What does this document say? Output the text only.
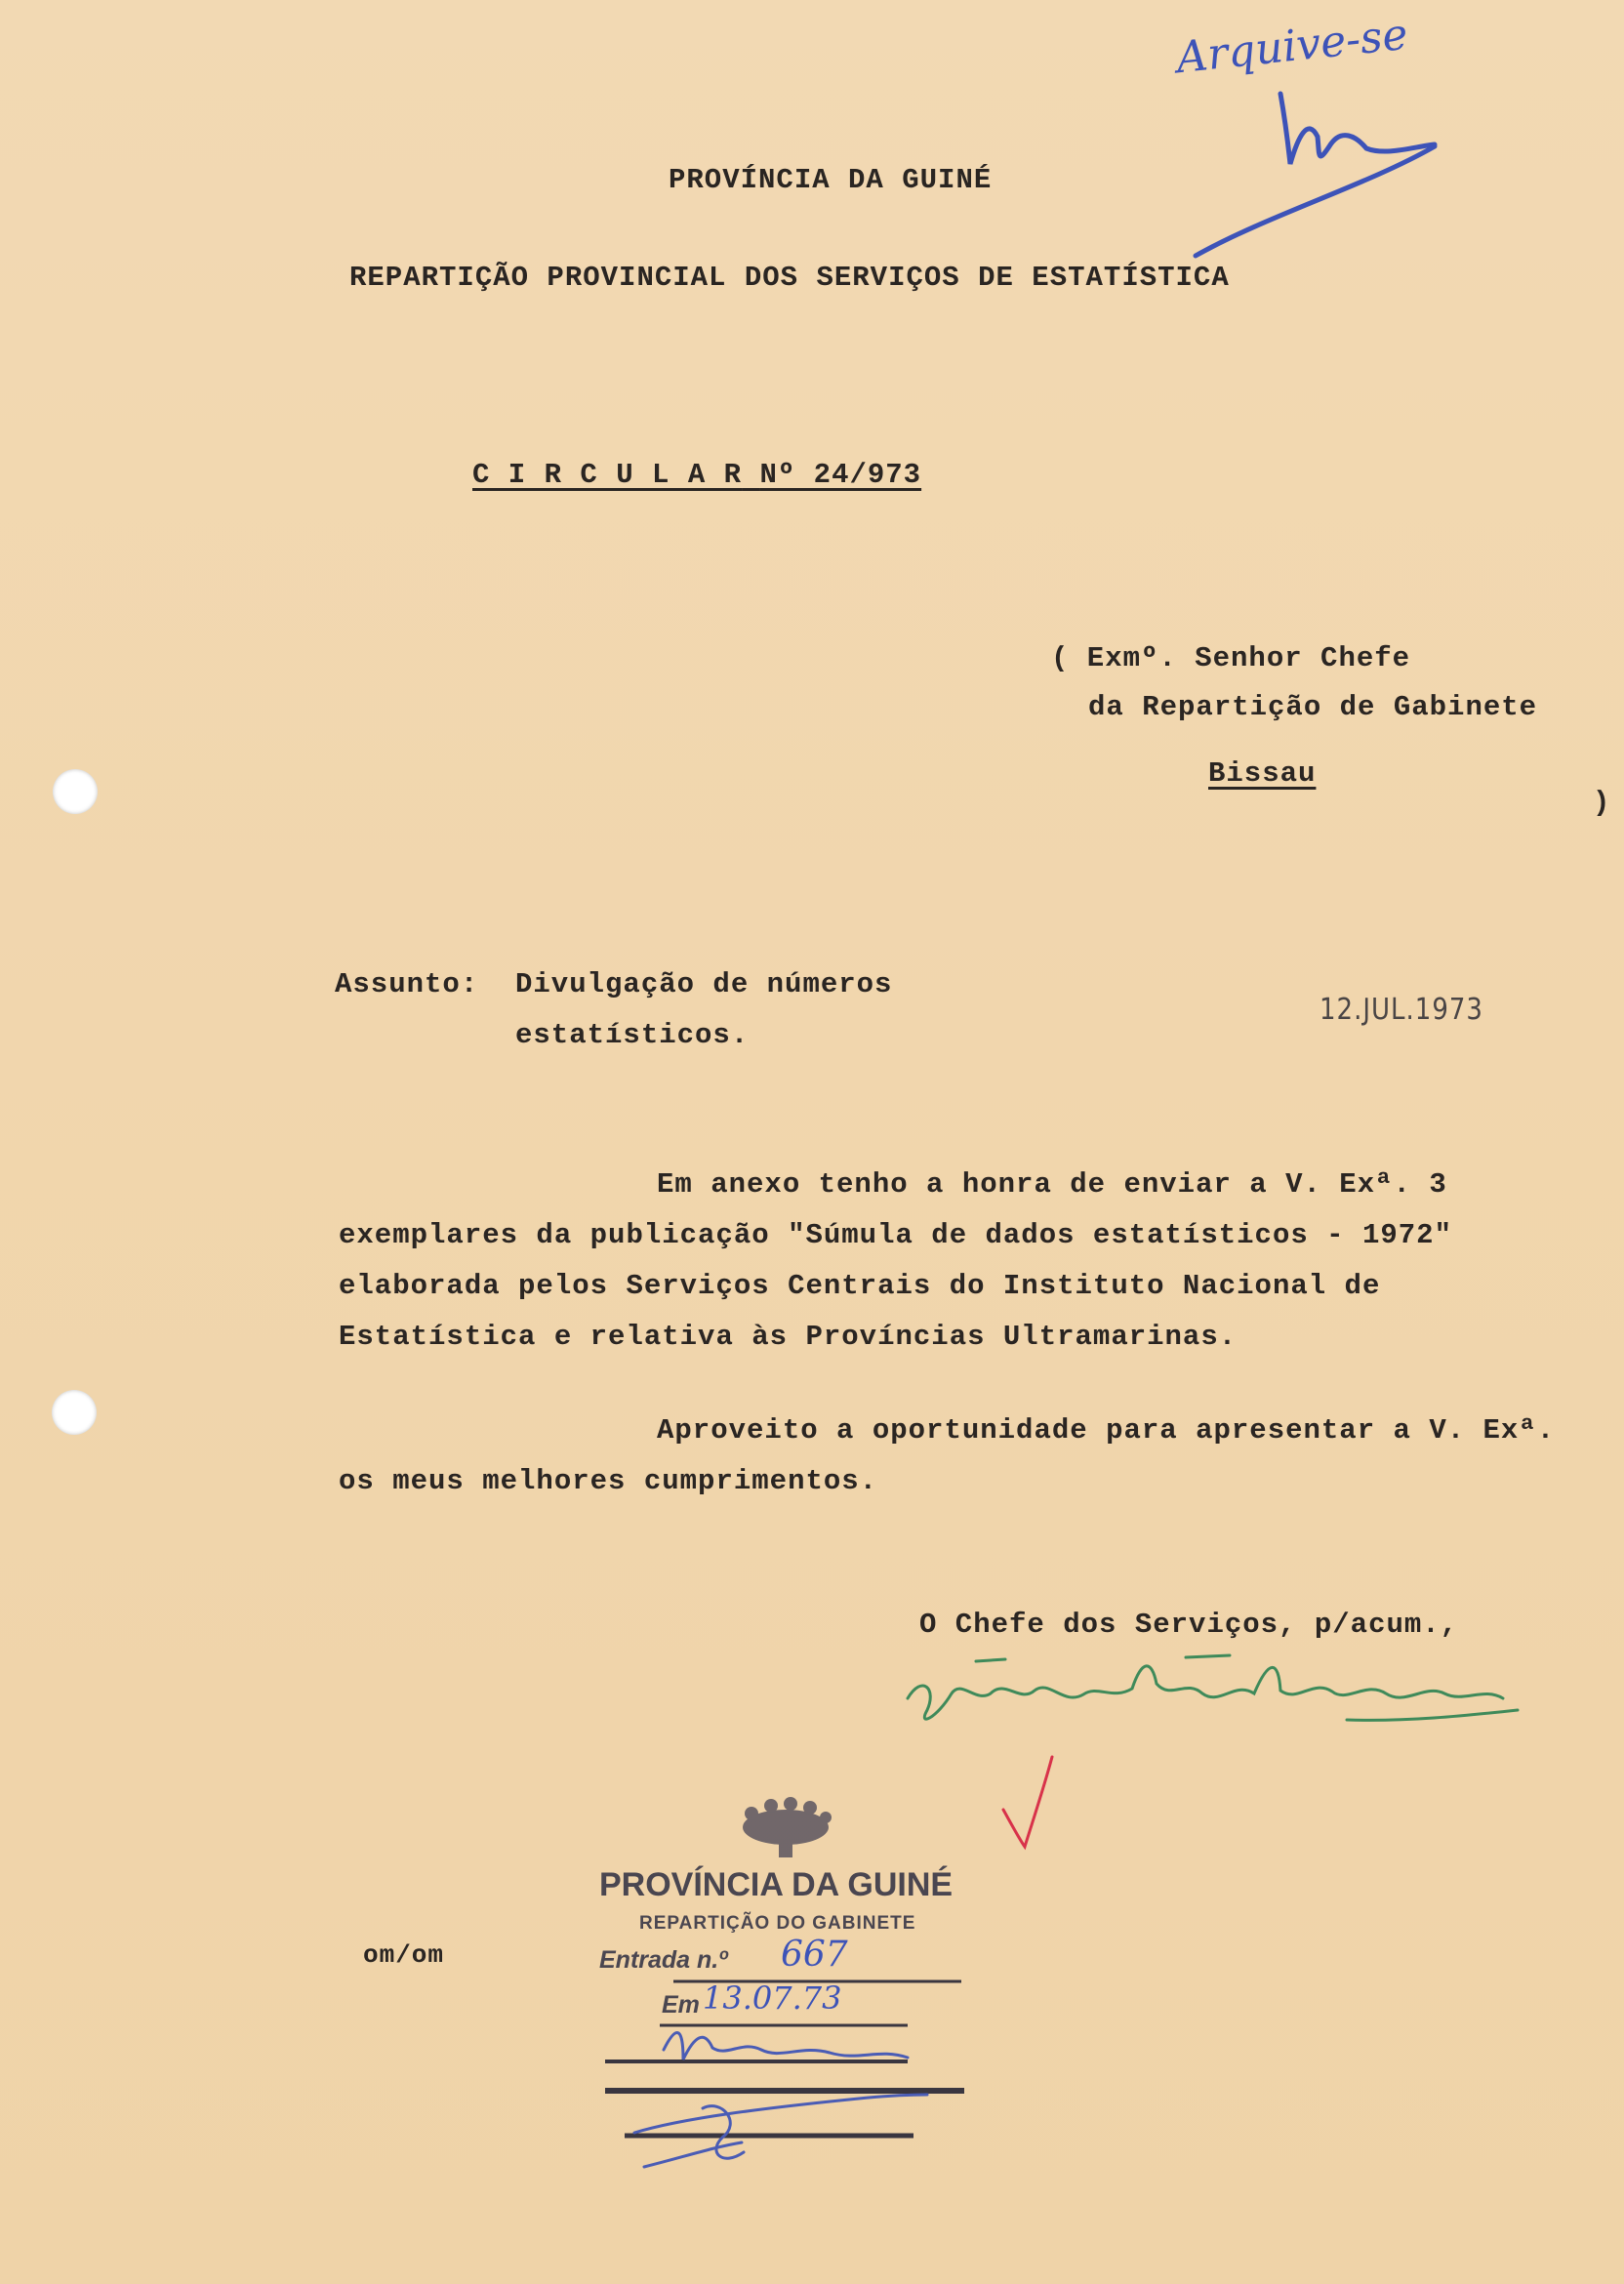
PROVÍNCIA DA GUINÉ
REPARTIÇÃO PROVINCIAL DOS SERVIÇOS DE ESTATÍSTICA
C I R C U L A R Nº 24/973
( Exmº. Senhor Chefe
da Repartição de Gabinete
Bissau
)
Assunto: Divulgação de números
estatísticos.
12.JUL.1973
Em anexo tenho a honra de enviar a V. Exª. 3 exemplares da publicação "Súmula de dados estatísticos - 1972" elaborada pelos Serviços Centrais do Instituto Nacional de Estatística e relativa às Províncias Ultramarinas.
Aproveito a oportunidade para apresentar a V. Exª. os meus melhores cumprimentos.
O Chefe dos Serviços, p/acum.,
om/om
Arquive-se
PROVÍNCIA DA GUINÉ
REPARTIÇÃO DO GABINETE
Entrada n.º 667
Em 13.07.73
